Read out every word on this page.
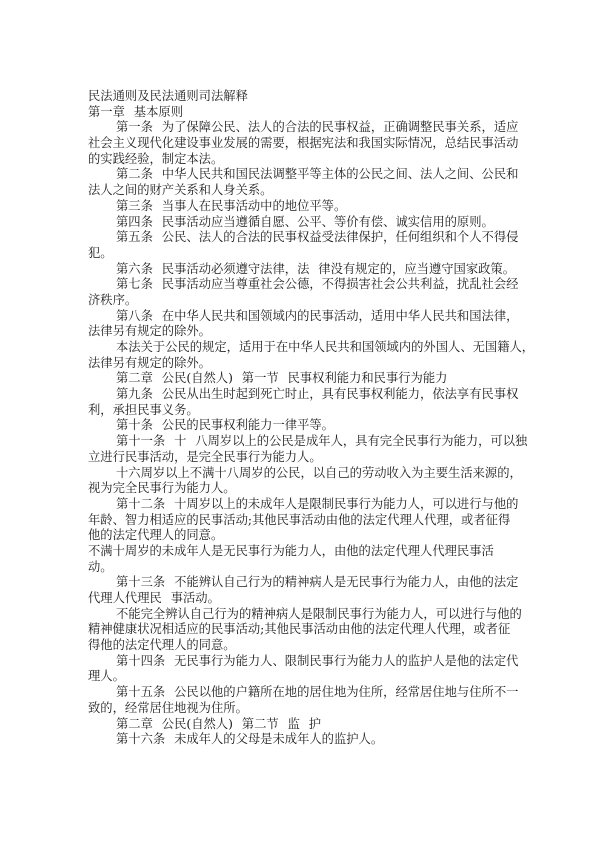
民法通则及民法通则司法解释
第一章 基本原则
第一条 为了保障公民、法人的合法的民事权益，正确调整民事关系，适应
社会主义现代化建设事业发展的需要，根据宪法和我国实际情况，总结民事活动
的实践经验，制定本法。
第二条 中华人民共和国民法调整平等主体的公民之间、法人之间、公民和
法人之间的财产关系和人身关系。
第三条 当事人在民事活动中的地位平等。
第四条 民事活动应当遵循自愿、公平、等价有偿、诚实信用的原则。
第五条 公民、法人的合法的民事权益受法律保护，任何组织和个人不得侵
犯。
第六条 民事活动必须遵守法律，法 律没有规定的，应当遵守国家政策。
第七条 民事活动应当尊重社会公德，不得损害社会公共利益，扰乱社会经
济秩序。
第八条 在中华人民共和国领域内的民事活动，适用中华人民共和国法律，
法律另有规定的除外。
本法关于公民的规定，适用于在中华人民共和国领域内的外国人、无国籍人，
法律另有规定的除外。
第二章 公民(自然人) 第一节 民事权利能力和民事行为能力
第九条 公民从出生时起到死亡时止，具有民事权利能力，依法享有民事权
利，承担民事义务。
第十条 公民的民事权利能力一律平等。
第十一条 十 八周岁以上的公民是成年人，具有完全民事行为能力，可以独
立进行民事活动，是完全民事行为能力人。
十六周岁以上不满十八周岁的公民，以自己的劳动收入为主要生活来源的，
视为完全民事行为能力人。
第十二条 十周岁以上的未成年人是限制民事行为能力人，可以进行与他的
年龄、智力相适应的民事活动;其他民事活动由他的法定代理人代理，或者征得
他的法定代理人的同意。
不满十周岁的未成年人是无民事行为能力人，由他的法定代理人代理民事活
动。
第十三条 不能辨认自己行为的精神病人是无民事行为能力人，由他的法定
代理人代理民 事活动。
不能完全辨认自己行为的精神病人是限制民事行为能力人，可以进行与他的
精神健康状况相适应的民事活动;其他民事活动由他的法定代理人代理，或者征
得他的法定代理人的同意。
第十四条 无民事行为能力人、限制民事行为能力人的监护人是他的法定代
理人。
第十五条 公民以他的户籍所在地的居住地为住所，经常居住地与住所不一
致的，经常居住地视为住所。
第二章 公民(自然人) 第二节 监 护
第十六条 未成年人的父母是未成年人的监护人。
